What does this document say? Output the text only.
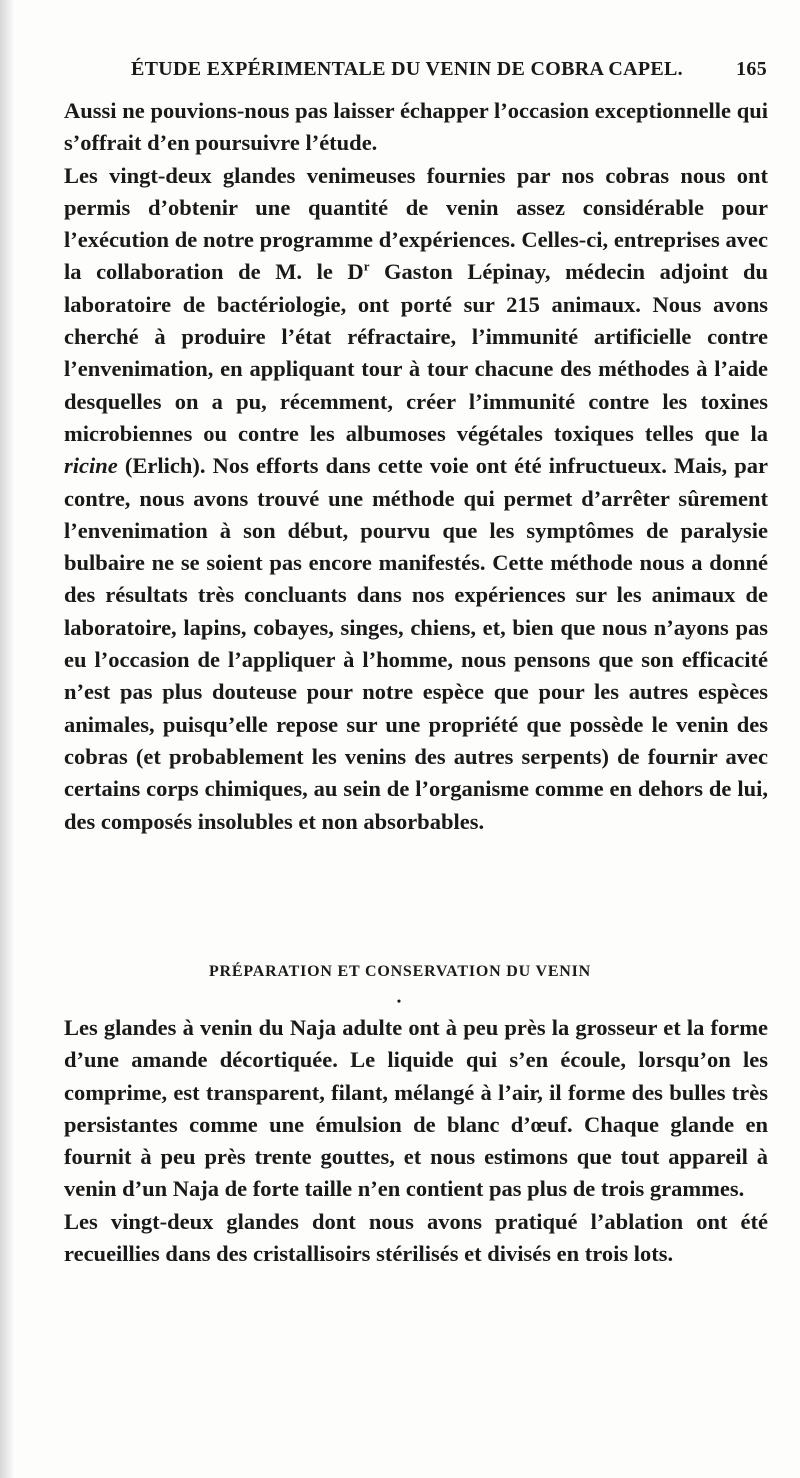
ÉTUDE EXPÉRIMENTALE DU VENIN DE COBRA CAPEL.	165

Aussi ne pouvions-nous pas laisser échapper l’occasion exceptionnelle qui s’offrait d’en poursuivre l’étude.

Les vingt-deux glandes venimeuses fournies par nos cobras nous ont permis d’obtenir une quantité de venin assez considérable pour l’exécution de notre programme d’expériences. Celles-ci, entreprises avec la collaboration de M. le $D^r$ Gaston Lépinay, médecin adjoint du laboratoire de bactériologie, ont porté sur 215 animaux. Nous avons cherché à produire l’état réfractaire, l’immunité artificielle contre l’envenimation, en appliquant tour à tour chacune des méthodes à l’aide desquelles on a pu, récemment, créer l’immunité contre les toxines microbiennes ou contre les albumoses végétales toxiques telles que la ricine (Erlich). Nos efforts dans cette voie ont été infructueux. Mais, par contre, nous avons trouvé une méthode qui permet d’arrêter sûrement l’envenimation à son début, pourvu que les symptômes de paralysie bulbaire ne se soient pas encore manifestés. Cette méthode nous a donné des résultats très concluants dans nos expériences sur les animaux de laboratoire, lapins, cobayes, singes, chiens, et, bien que nous n’ayons pas eu l’occasion de l’appliquer à l’homme, nous pensons que son efficacité n’est pas plus douteuse pour notre espèce que pour les autres espèces animales, puisqu’elle repose sur une propriété que possède le venin des cobras (et probablement les venins des autres serpents) de fournir avec certains corps chimiques, au sein de l’organisme comme en dehors de lui, des composés insolubles et non absorbables.

PRÉPARATION ET CONSERVATION DU VENIN
•

Les glandes à venin du Naja adulte ont à peu près la grosseur et la forme d’une amande décortiquée. Le liquide qui s’en écoule, lorsqu’on les comprime, est transparent, filant, mélangé à l’air, il forme des bulles très persistantes comme une émulsion de blanc d’œuf. Chaque glande en fournit à peu près trente gouttes, et nous estimons que tout appareil à venin d’un Naja de forte taille n’en contient pas plus de trois grammes.

Les vingt-deux glandes dont nous avons pratiqué l’ablation ont été recueillies dans des cristallisoirs stérilisés et divisés en trois lots.
